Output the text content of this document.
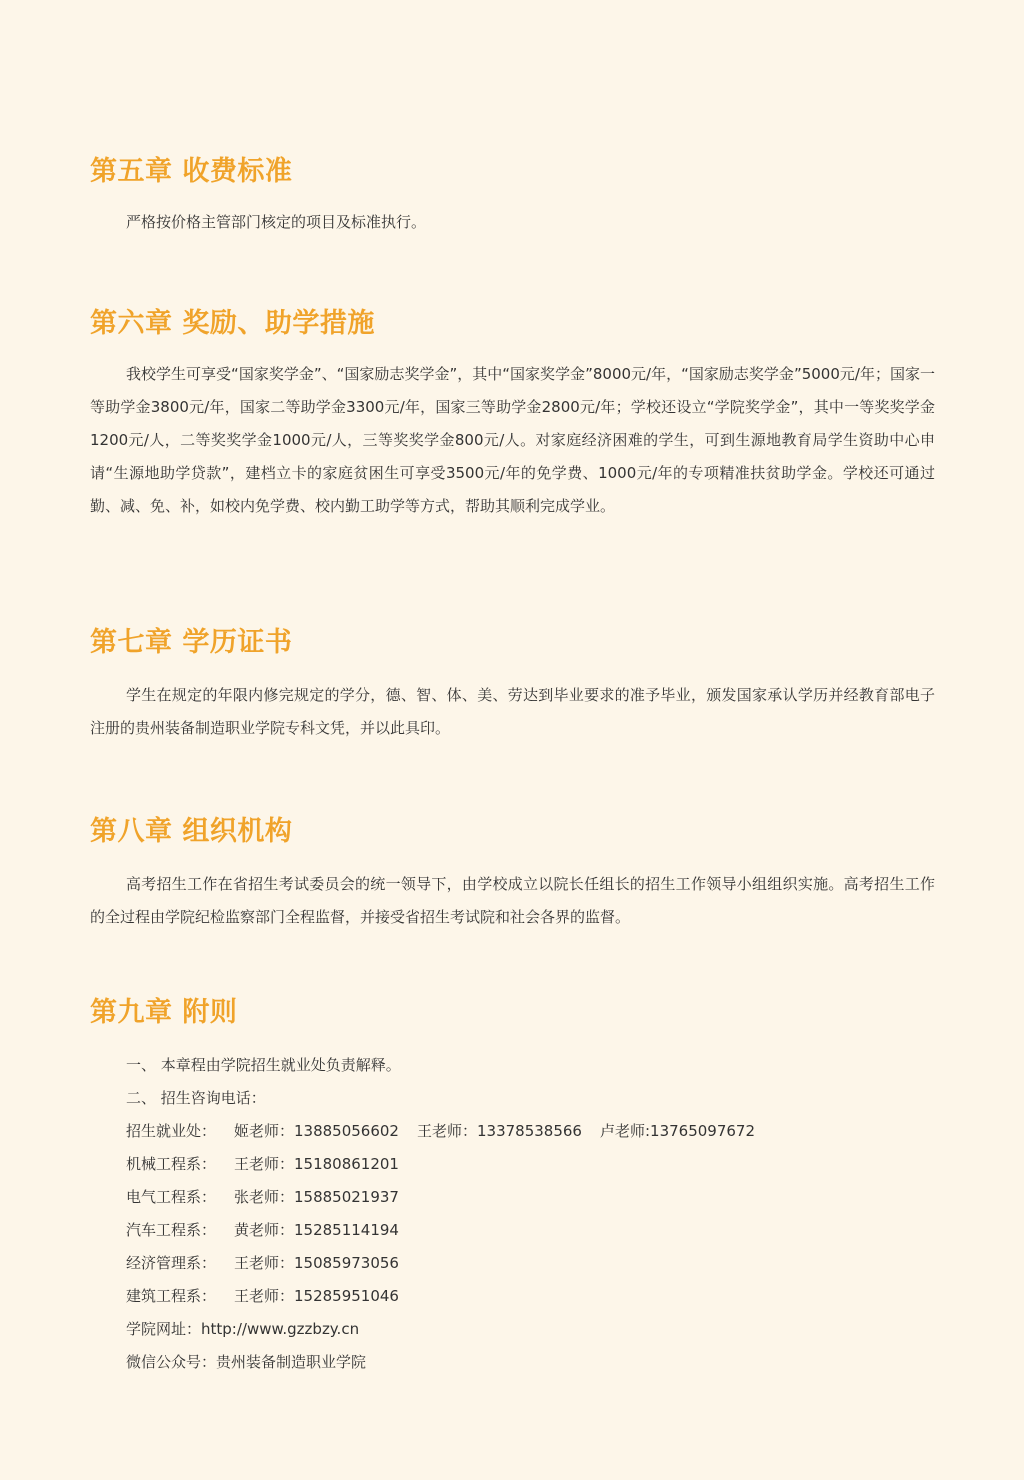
第五章 收费标准

严格按价格主管部门核定的项目及标准执行。

第六章 奖励、助学措施

我校学生可享受“国家奖学金”、“国家励志奖学金”，其中“国家奖学金”8000元/年，“国家励志奖学金”5000元/年；国家一等助学金3800元/年，国家二等助学金3300元/年，国家三等助学金2800元/年；学校还设立“学院奖学金”，其中一等奖奖学金1200元/人，二等奖奖学金1000元/人，三等奖奖学金800元/人。对家庭经济困难的学生，可到生源地教育局学生资助中心申请“生源地助学贷款”，建档立卡的家庭贫困生可享受3500元/年的免学费、1000元/年的专项精准扶贫助学金。学校还可通过勤、减、免、补，如校内免学费、校内勤工助学等方式，帮助其顺利完成学业。

第七章 学历证书

学生在规定的年限内修完规定的学分，德、智、体、美、劳达到毕业要求的准予毕业，颁发国家承认学历并经教育部电子注册的贵州装备制造职业学院专科文凭，并以此具印。

第八章 组织机构

高考招生工作在省招生考试委员会的统一领导下，由学校成立以院长任组长的招生工作领导小组组织实施。高考招生工作的全过程由学院纪检监察部门全程监督，并接受省招生考试院和社会各界的监督。

第九章 附则

一、 本章程由学院招生就业处负责解释。

二、 招生咨询电话：

招生就业处： 姬老师：13885056602 王老师：13378538566 卢老师:13765097672

机械工程系： 王老师：15180861201

电气工程系： 张老师：15885021937

汽车工程系： 黄老师：15285114194

经济管理系： 王老师：15085973056

建筑工程系： 王老师：15285951046

学院网址：http://www.gzzbzy.cn

微信公众号：贵州装备制造职业学院
